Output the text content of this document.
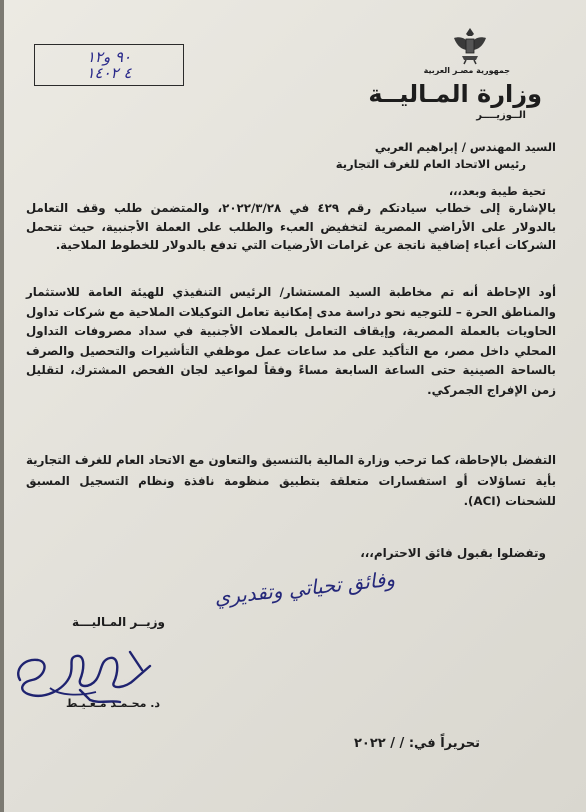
جمهورية مصـر العربية
وزارة المـاليــة
الــوزيــــر
۱۲٩٠ و
٤ ١٤٠٢
السيد المهندس / إبراهيم العربي
رئيس الاتحاد العام للغرف التجارية
تحية طيبة وبعد،،،
بالإشارة إلى خطاب سيادتكم رقم ٤٢٩ في ٢٠٢٢/٣/٢٨، والمتضمن طلب وقف التعامل بالدولار على الأراضي المصرية لتخفيض العبء والطلب على العملة الأجنبية، حيث تتحمل الشركات أعباء إضافية ناتجة عن غرامات الأرضيات التي تدفع بالدولار للخطوط الملاحية.
أود الإحاطة أنه تم مخاطبة السيد المستشار/ الرئيس التنفيذي للهيئة العامة للاستثمار والمناطق الحرة – للتوجيه نحو دراسة مدى إمكانية تعامل التوكيلات الملاحية مع شركات تداول الحاويات بالعملة المصرية، وإيقاف التعامل بالعملات الأجنبية في سداد مصروفات التداول المحلي داخل مصر، مع التأكيد على مد ساعات عمل موظفي التأشيرات والتحصيل والصرف بالساحة الصينية حتى الساعة السابعة مساءً وفقاً لمواعيد لجان الفحص المشترك، لتقليل زمن الإفراج الجمركي.
التفضل بالإحاطة، كما ترحب وزارة المالية بالتنسيق والتعاون مع الاتحاد العام للغرف التجارية بأية تساؤلات أو استفسارات متعلقة بتطبيق منظومة نافذة ونظام التسجيل المسبق للشحنات (ACI).
وتفضلوا بقبول فائق الاحترام،،،
وفائق تحياتي وتقديري
وزيــر المـاليـــة
د. محـمـد مـعـيـط
تحريراً في: / / ٢٠٢٢
